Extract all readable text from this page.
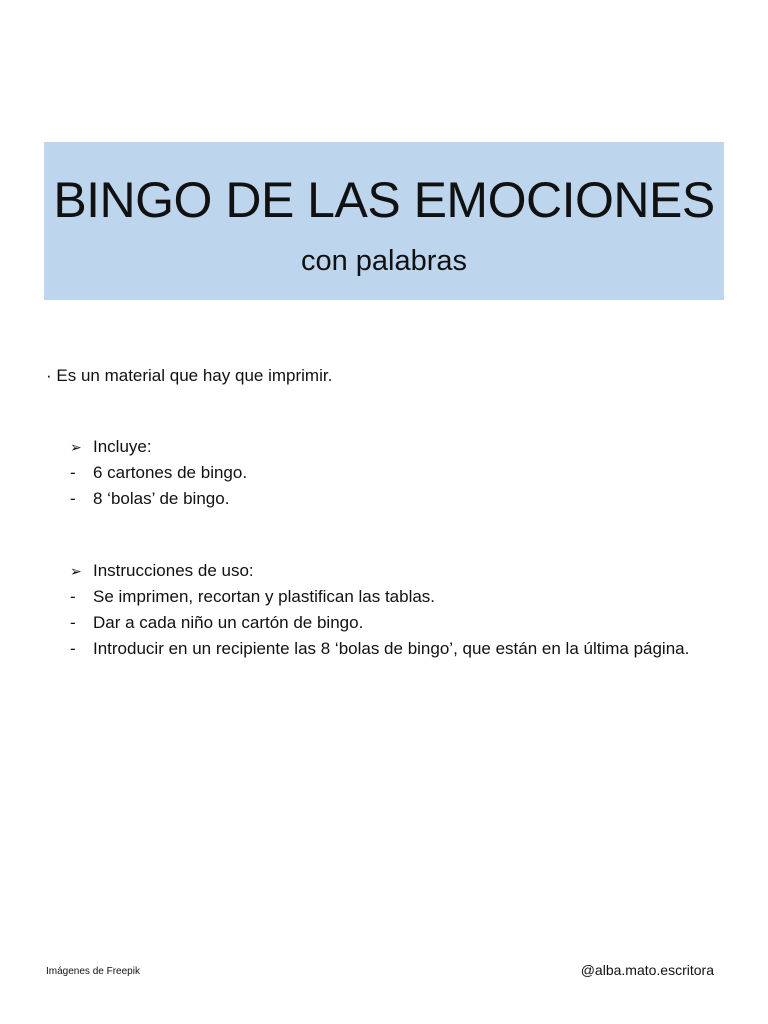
BINGO DE LAS EMOCIONES
con palabras
· Es un material que hay que imprimir.
➢ Incluye:
-	6 cartones de bingo.
-	8 ‘bolas’ de bingo.
➢ Instrucciones de uso:
-	Se imprimen, recortan y plastifican las tablas.
-	Dar a cada niño un cartón de bingo.
-	Introducir en un recipiente las 8 ‘bolas de bingo’, que están en la última página.
Imágenes de Freepik	@alba.mato.escritora
